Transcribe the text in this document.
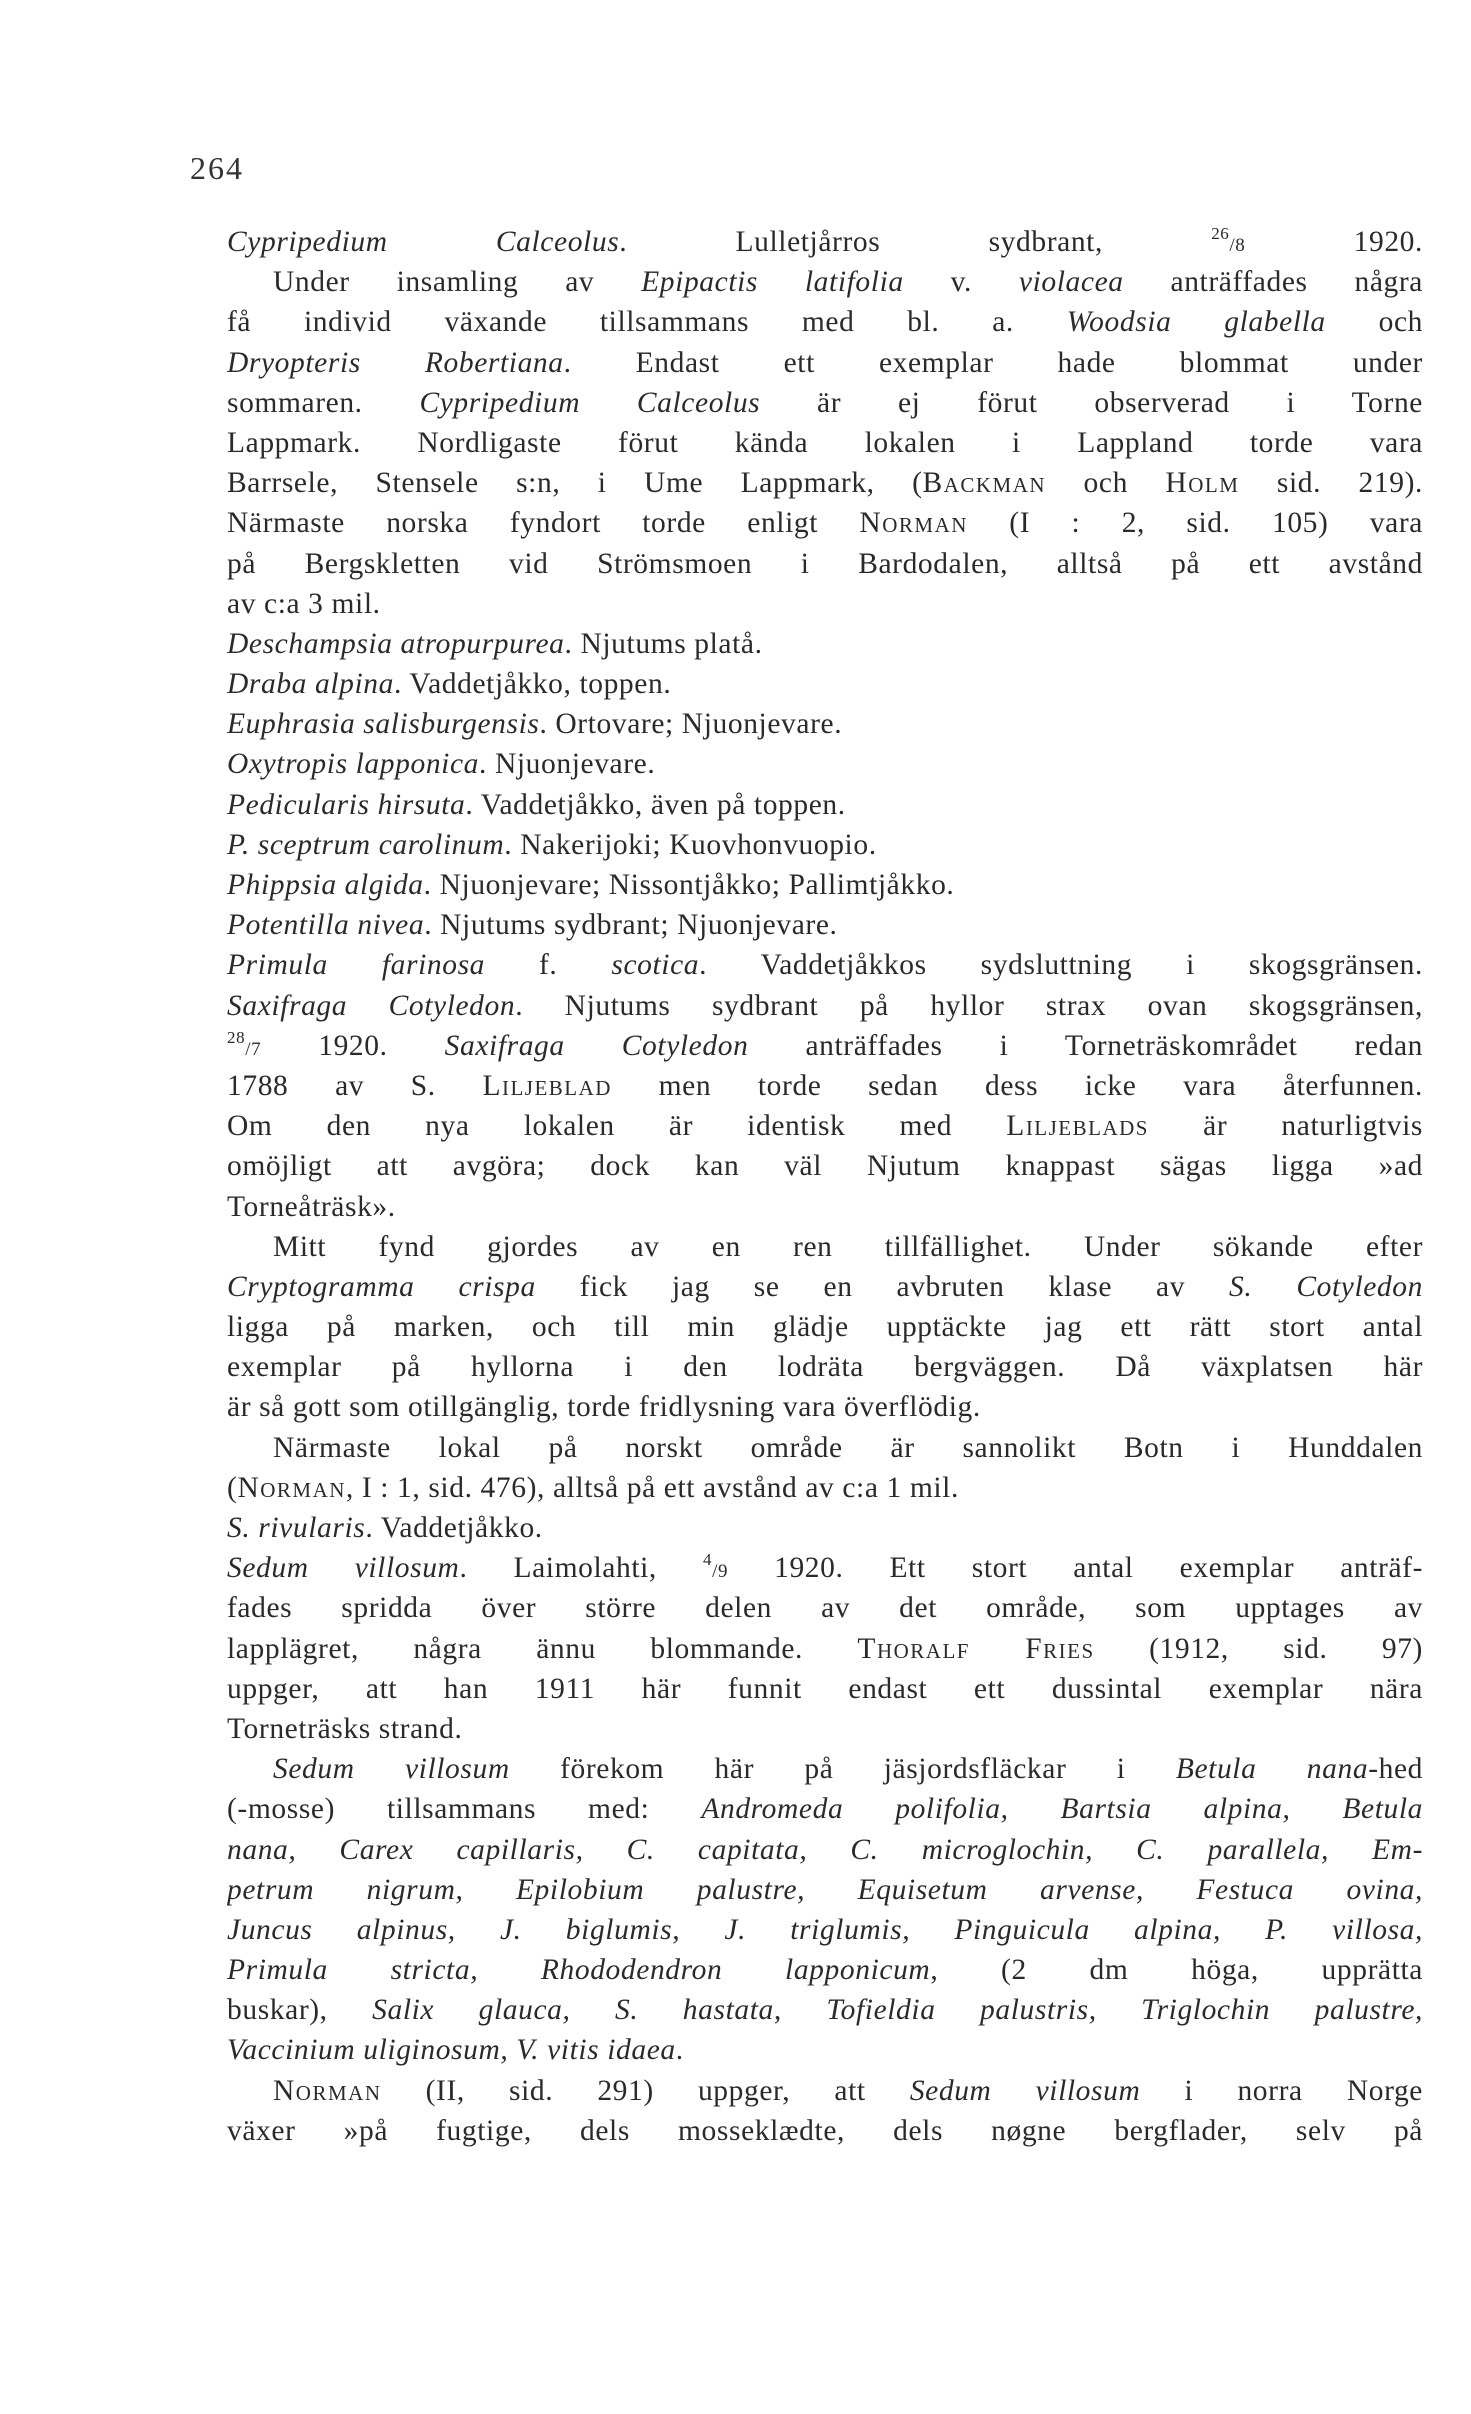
264
Cypripedium Calceolus. Lulletjårros sydbrant, $^{26}$/8 1920.
Under insamling av Epipactis latifolia v. violacea anträffades några
få individ växande tillsammans med bl. a. Woodsia glabella och
Dryopteris Robertiana. Endast ett exemplar hade blommat under
sommaren. Cypripedium Calceolus är ej förut observerad i Torne
Lappmark. Nordligaste förut kända lokalen i Lappland torde vara
Barrsele, Stensele s:n, i Ume Lappmark, (Backman och Holm sid. 219).
Närmaste norska fyndort torde enligt Norman (I : 2, sid. 105) vara
på Bergskletten vid Strömsmoen i Bardodalen, alltså på ett avstånd
av c:a 3 mil.
Deschampsia atropurpurea. Njutums platå.
Draba alpina. Vaddetjåkko, toppen.
Euphrasia salisburgensis. Ortovare; Njuonjevare.
Oxytropis lapponica. Njuonjevare.
Pedicularis hirsuta. Vaddetjåkko, även på toppen.
P. sceptrum carolinum. Nakerijoki; Kuovhonvuopio.
Phippsia algida. Njuonjevare; Nissontjåkko; Pallimtjåkko.
Potentilla nivea. Njutums sydbrant; Njuonjevare.
Primula farinosa f. scotica. Vaddetjåkkos sydsluttning i skogsgränsen.
Saxifraga Cotyledon. Njutums sydbrant på hyllor strax ovan skogsgränsen,
$^{28}$/7 1920. Saxifraga Cotyledon anträffades i Torneträskområdet redan
1788 av S. Liljeblad men torde sedan dess icke vara återfunnen.
Om den nya lokalen är identisk med Liljeblads är naturligtvis
omöjligt att avgöra; dock kan väl Njutum knappast sägas ligga »ad
Torneåträsk».
Mitt fynd gjordes av en ren tillfällighet. Under sökande efter
Cryptogramma crispa fick jag se en avbruten klase av S. Cotyledon
ligga på marken, och till min glädje upptäckte jag ett rätt stort antal
exemplar på hyllorna i den lodräta bergväggen. Då växplatsen här
är så gott som otillgänglig, torde fridlysning vara överflödig.
Närmaste lokal på norskt område är sannolikt Botn i Hunddalen
(Norman, I : 1, sid. 476), alltså på ett avstånd av c:a 1 mil.
S. rivularis. Vaddetjåkko.
Sedum villosum. Laimolahti, $^4$/9 1920. Ett stort antal exemplar anträf-
fades spridda över större delen av det område, som upptages av
lapplägret, några ännu blommande. Thoralf Fries (1912, sid. 97)
uppger, att han 1911 här funnit endast ett dussintal exemplar nära
Torneträsks strand.
Sedum villosum förekom här på jäsjordsfläckar i Betula nana-hed
(-mosse) tillsammans med: Andromeda polifolia, Bartsia alpina, Betula
nana, Carex capillaris, C. capitata, C. microglochin, C. parallela, Em-
petrum nigrum, Epilobium palustre, Equisetum arvense, Festuca ovina,
Juncus alpinus, J. biglumis, J. triglumis, Pinguicula alpina, P. villosa,
Primula stricta, Rhododendron lapponicum, (2 dm höga, upprätta
buskar), Salix glauca, S. hastata, Tofieldia palustris, Triglochin palustre,
Vaccinium uliginosum, V. vitis idaea.
Norman (II, sid. 291) uppger, att Sedum villosum i norra Norge
växer »på fugtige, dels mosseklædte, dels nøgne bergflader, selv på
